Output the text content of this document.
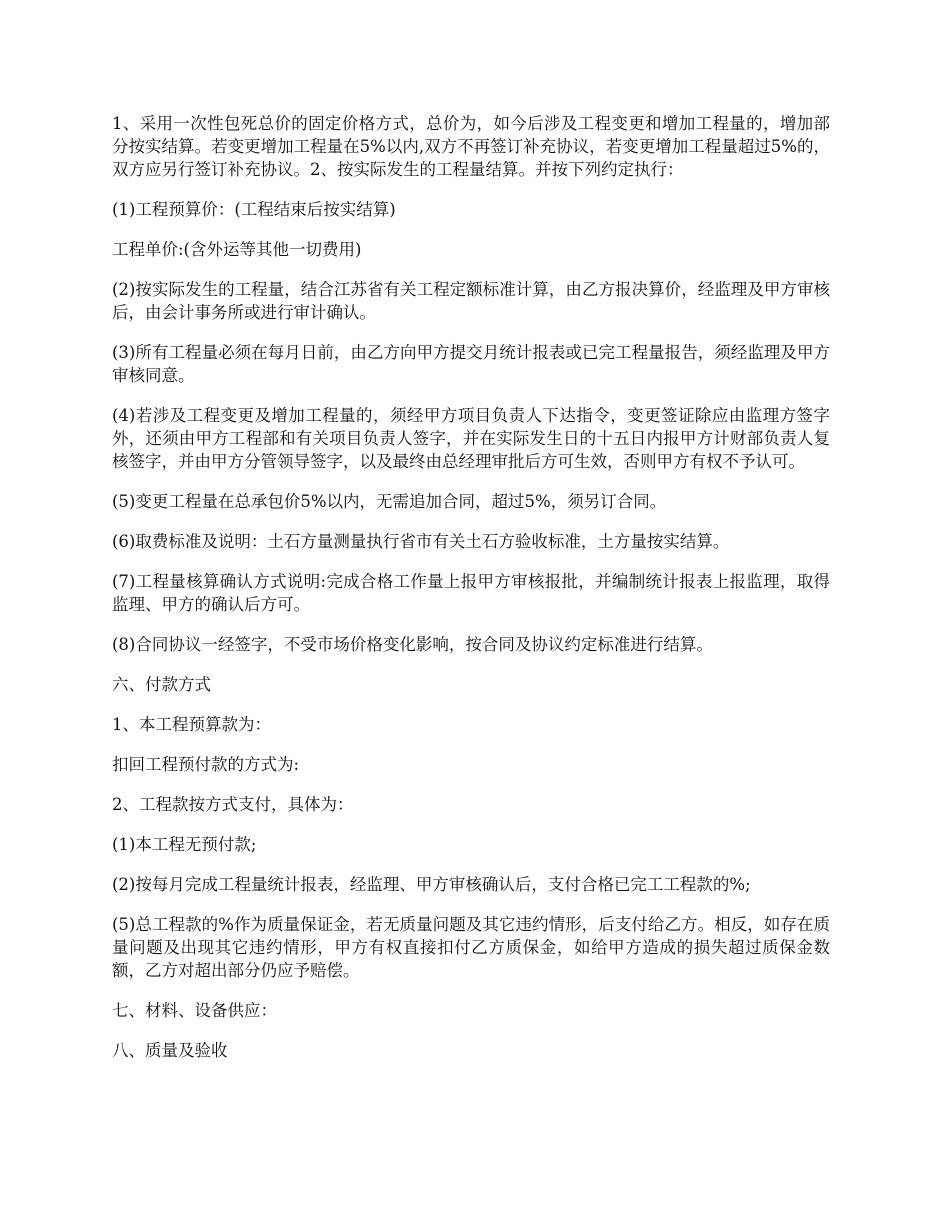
1、采用一次性包死总价的固定价格方式，总价为，如今后涉及工程变更和增加工程量的，增加部分按实结算。若变更增加工程量在5%以内,双方不再签订补充协议，若变更增加工程量超过5%的，双方应另行签订补充协议。2、按实际发生的工程量结算。并按下列约定执行：

(1)工程预算价：(工程结束后按实结算)

工程单价:(含外运等其他一切费用)

(2)按实际发生的工程量，结合江苏省有关工程定额标准计算，由乙方报决算价，经监理及甲方审核后，由会计事务所或进行审计确认。

(3)所有工程量必须在每月日前，由乙方向甲方提交月统计报表或已完工程量报告，须经监理及甲方审核同意。

(4)若涉及工程变更及增加工程量的，须经甲方项目负责人下达指令，变更签证除应由监理方签字外，还须由甲方工程部和有关项目负责人签字，并在实际发生日的十五日内报甲方计财部负责人复核签字，并由甲方分管领导签字，以及最终由总经理审批后方可生效，否则甲方有权不予认可。

(5)变更工程量在总承包价5%以内，无需追加合同，超过5%，须另订合同。

(6)取费标准及说明：土石方量测量执行省市有关土石方验收标准，土方量按实结算。

(7)工程量核算确认方式说明:完成合格工作量上报甲方审核报批，并编制统计报表上报监理，取得监理、甲方的确认后方可。

(8)合同协议一经签字，不受市场价格变化影响，按合同及协议约定标准进行结算。

六、付款方式

1、本工程预算款为：

扣回工程预付款的方式为:

2、工程款按方式支付，具体为：

(1)本工程无预付款;

(2)按每月完成工程量统计报表，经监理、甲方审核确认后，支付合格已完工工程款的%;

(5)总工程款的%作为质量保证金，若无质量问题及其它违约情形，后支付给乙方。相反，如存在质量问题及出现其它违约情形，甲方有权直接扣付乙方质保金，如给甲方造成的损失超过质保金数额，乙方对超出部分仍应予赔偿。

七、材料、设备供应：

八、质量及验收
